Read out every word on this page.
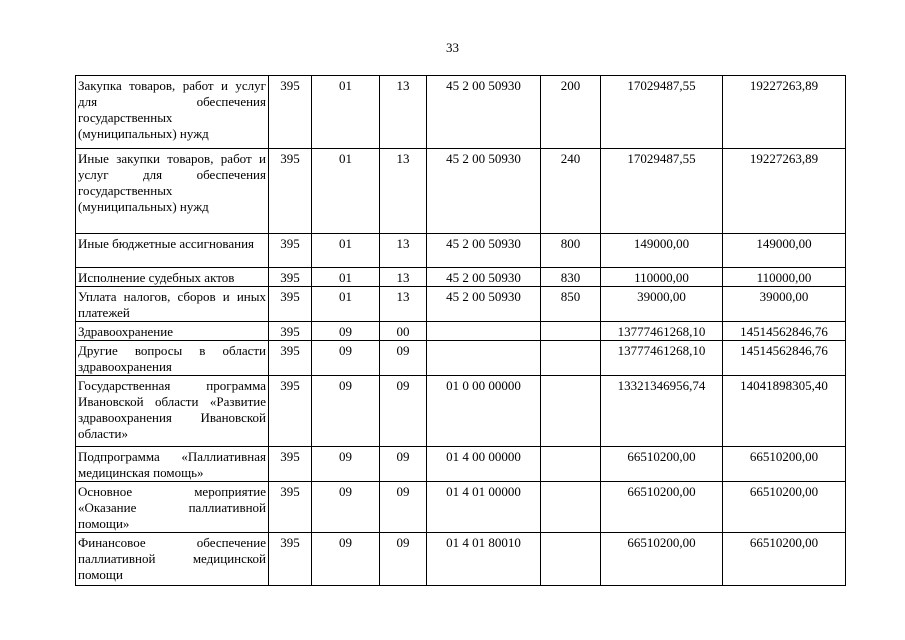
33
Закупка товаров, работ и услуг для обеспечения государственных (муниципальных) нужд	395	01	13	45 2 00 50930	200	17029487,55	19227263,89
Иные закупки товаров, работ и услуг для обеспечения государственных (муниципальных) нужд	395	01	13	45 2 00 50930	240	17029487,55	19227263,89
Иные бюджетные ассигнования	395	01	13	45 2 00 50930	800	149000,00	149000,00
Исполнение судебных актов	395	01	13	45 2 00 50930	830	110000,00	110000,00
Уплата налогов, сборов и иных платежей	395	01	13	45 2 00 50930	850	39000,00	39000,00
Здравоохранение	395	09	00			13777461268,10	14514562846,76
Другие вопросы в области здравоохранения	395	09	09			13777461268,10	14514562846,76
Государственная программа Ивановской области «Развитие здравоохранения Ивановской области»	395	09	09	01 0 00 00000		13321346956,74	14041898305,40
Подпрограмма «Паллиативная медицинская помощь»	395	09	09	01 4 00 00000		66510200,00	66510200,00
Основное мероприятие «Оказание паллиативной помощи»	395	09	09	01 4 01 00000		66510200,00	66510200,00
Финансовое обеспечение паллиативной медицинской помощи	395	09	09	01 4 01 80010		66510200,00	66510200,00
